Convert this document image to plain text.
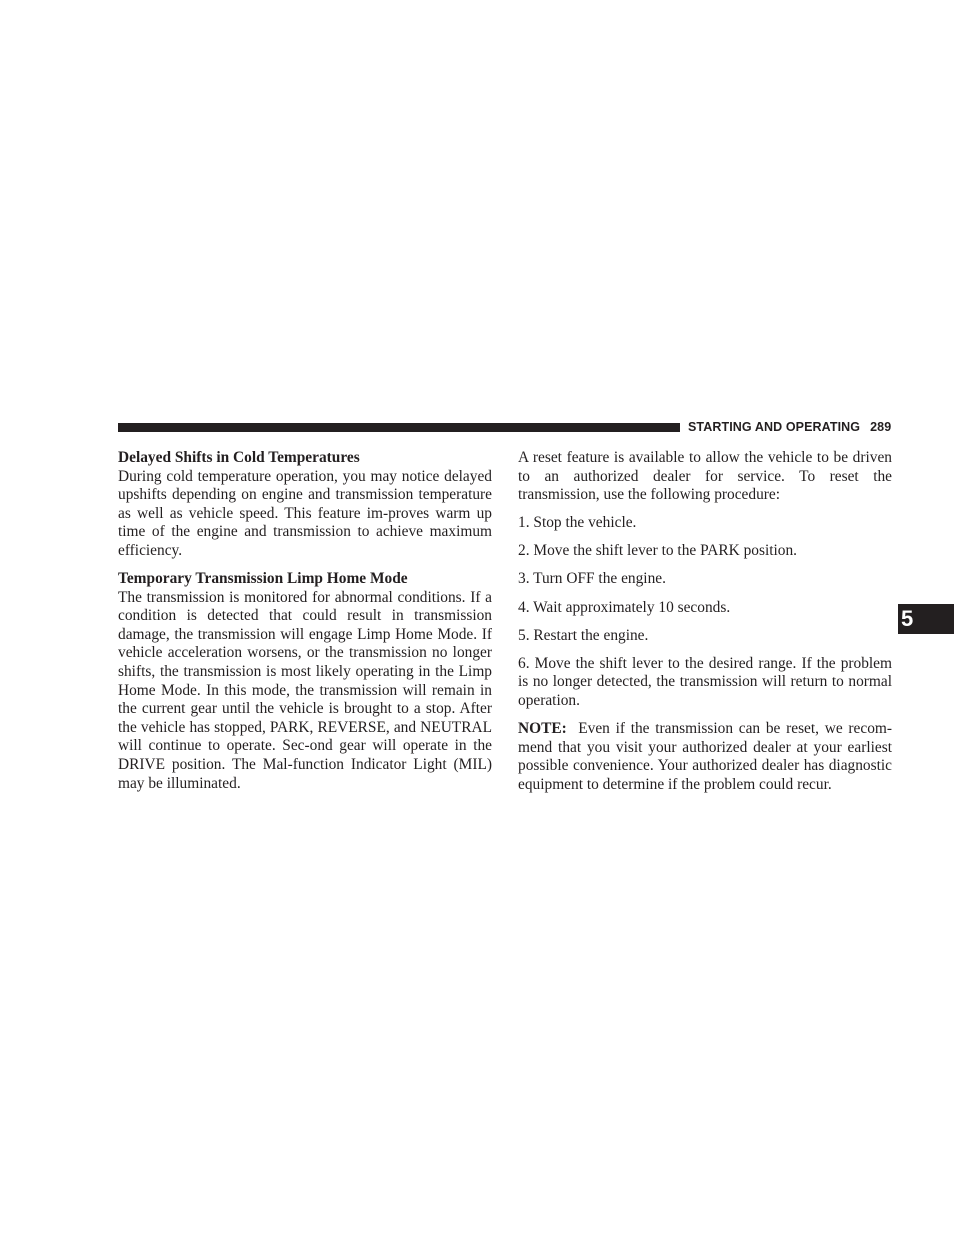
STARTING AND OPERATING 289
5
Delayed Shifts in Cold Temperatures

During cold temperature operation, you may notice delayed upshifts depending on engine and transmission temperature as well as vehicle speed. This feature im-proves warm up time of the engine and transmission to achieve maximum efficiency.

Temporary Transmission Limp Home Mode

The transmission is monitored for abnormal conditions. If a condition is detected that could result in transmission damage, the transmission will engage Limp Home Mode. If vehicle acceleration worsens, or the transmission no longer shifts, the transmission is most likely operating in the Limp Home Mode. In this mode, the transmission will remain in the current gear until the vehicle is brought to a stop. After the vehicle has stopped, PARK, REVERSE, and NEUTRAL will continue to operate. Sec-ond gear will operate in the DRIVE position. The Mal-function Indicator Light (MIL) may be illuminated.

A reset feature is available to allow the vehicle to be driven to an authorized dealer for service. To reset the transmission, use the following procedure:

1. Stop the vehicle.

2. Move the shift lever to the PARK position.

3. Turn OFF the engine.

4. Wait approximately 10 seconds.

5. Restart the engine.

6. Move the shift lever to the desired range. If the problem is no longer detected, the transmission will return to normal operation.

NOTE: Even if the transmission can be reset, we recom-mend that you visit your authorized dealer at your earliest possible convenience. Your authorized dealer has diagnostic equipment to determine if the problem could recur.
